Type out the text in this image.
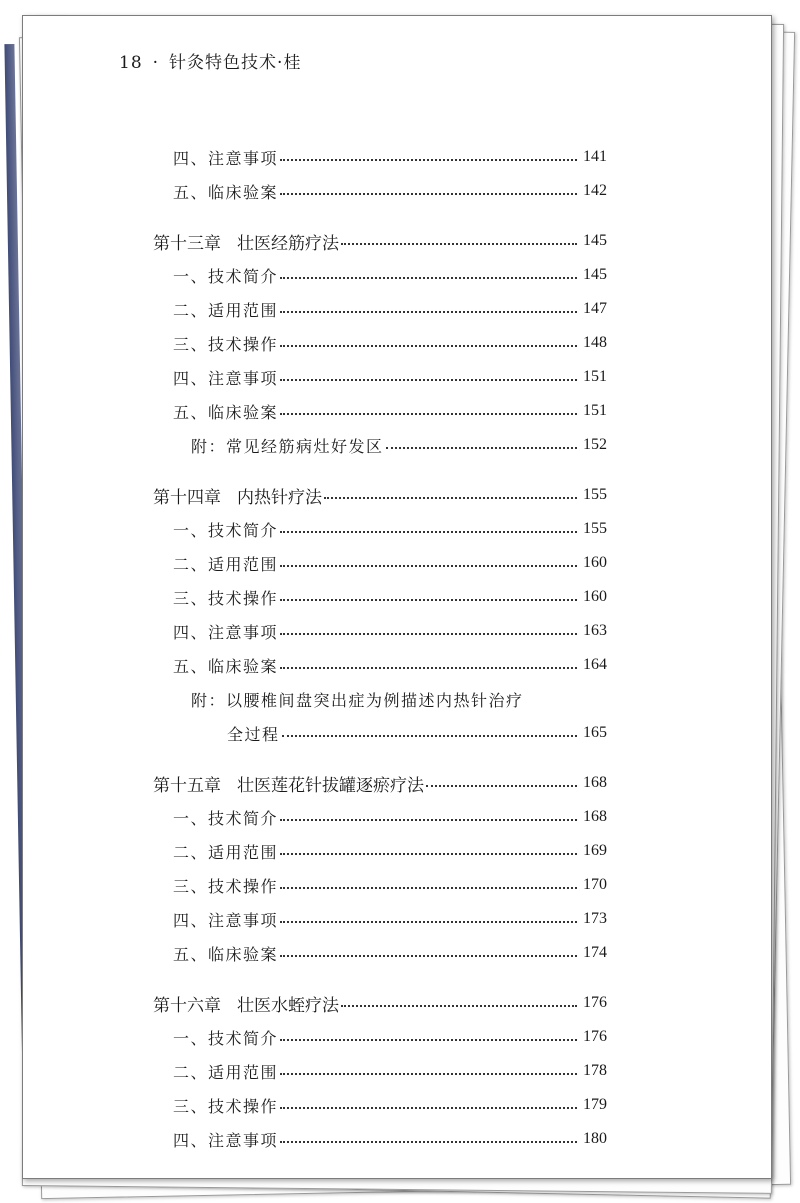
18 · 针灸特色技术·桂
四、注意事项	141
五、临床验案	142
第十三章 壮医经筋疗法	145
一、技术简介	145
二、适用范围	147
三、技术操作	148
四、注意事项	151
五、临床验案	151
附：常见经筋病灶好发区	152
第十四章 内热针疗法	155
一、技术简介	155
二、适用范围	160
三、技术操作	160
四、注意事项	163
五、临床验案	164
附：以腰椎间盘突出症为例描述内热针治疗
全过程	165
第十五章 壮医莲花针拔罐逐瘀疗法	168
一、技术简介	168
二、适用范围	169
三、技术操作	170
四、注意事项	173
五、临床验案	174
第十六章 壮医水蛭疗法	176
一、技术简介	176
二、适用范围	178
三、技术操作	179
四、注意事项	180
